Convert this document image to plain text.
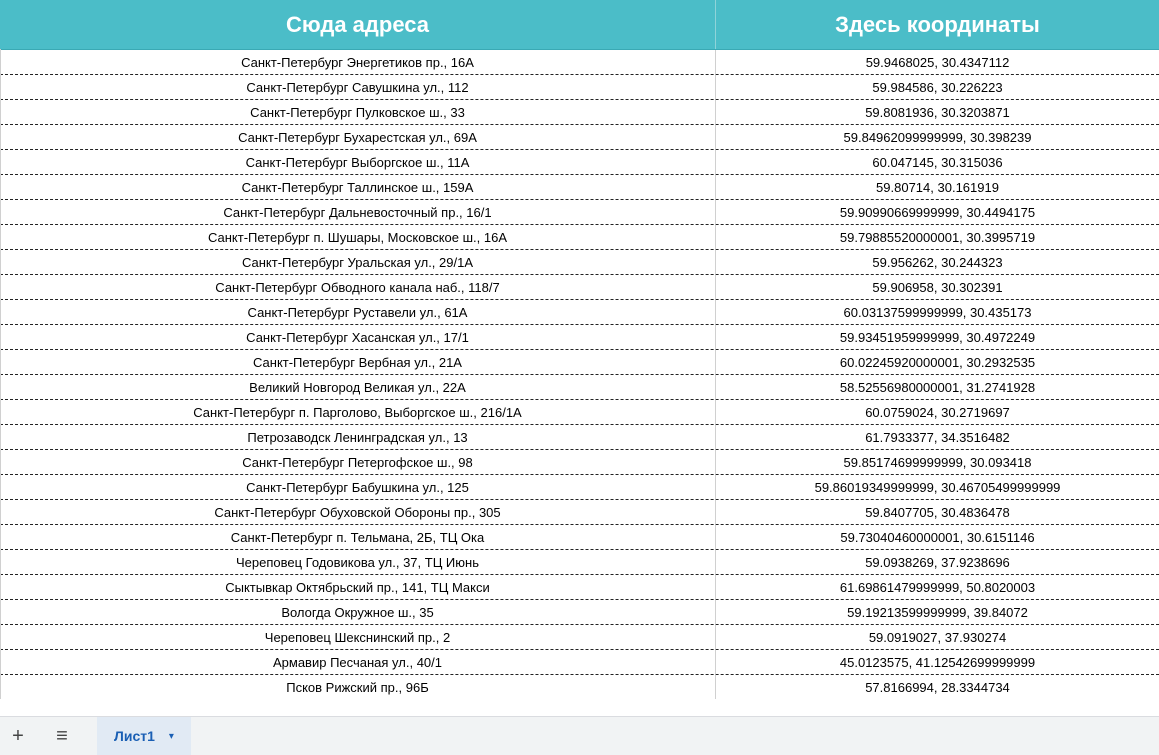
Сюда адреса	Здесь координаты
Санкт-Петербург Энергетиков пр., 16А	59.9468025, 30.4347112
Санкт-Петербург Савушкина ул., 112	59.984586, 30.226223
Санкт-Петербург Пулковское ш., 33	59.8081936, 30.3203871
Санкт-Петербург Бухарестская ул., 69А	59.84962099999999, 30.398239
Санкт-Петербург Выборгское ш., 11А	60.047145, 30.315036
Санкт-Петербург Таллинское ш., 159А	59.80714, 30.161919
Санкт-Петербург Дальневосточный пр., 16/1	59.90990669999999, 30.4494175
Санкт-Петербург п. Шушары, Московское ш., 16А	59.79885520000001, 30.3995719
Санкт-Петербург Уральская ул., 29/1А	59.956262, 30.244323
Санкт-Петербург Обводного канала наб., 118/7	59.906958, 30.302391
Санкт-Петербург Руставели ул., 61А	60.03137599999999, 30.435173
Санкт-Петербург Хасанская ул., 17/1	59.93451959999999, 30.4972249
Санкт-Петербург Вербная ул., 21А	60.02245920000001, 30.2932535
Великий Новгород Великая ул., 22А	58.52556980000001, 31.2741928
Санкт-Петербург п. Парголово, Выборгское ш., 216/1А	60.0759024, 30.2719697
Петрозаводск Ленинградская ул., 13	61.7933377, 34.3516482
Санкт-Петербург Петергофское ш., 98	59.85174699999999, 30.093418
Санкт-Петербург Бабушкина ул., 125	59.86019349999999, 30.46705499999999
Санкт-Петербург Обуховской Обороны пр., 305	59.8407705, 30.4836478
Санкт-Петербург п. Тельмана, 2Б, ТЦ Ока	59.73040460000001, 30.6151146
Череповец Годовикова ул., 37, ТЦ Июнь	59.0938269, 37.9238696
Сыктывкар Октябрьский пр., 141, ТЦ Макси	61.69861479999999, 50.8020003
Вологда Окружное ш., 35	59.19213599999999, 39.84072
Череповец Шекснинский пр., 2	59.0919027, 37.930274
Армавир Песчаная ул., 40/1	45.0123575, 41.12542699999999
Псков Рижский пр., 96Б	57.8166994, 28.3344734
+ ≡	Лист1 ▾
